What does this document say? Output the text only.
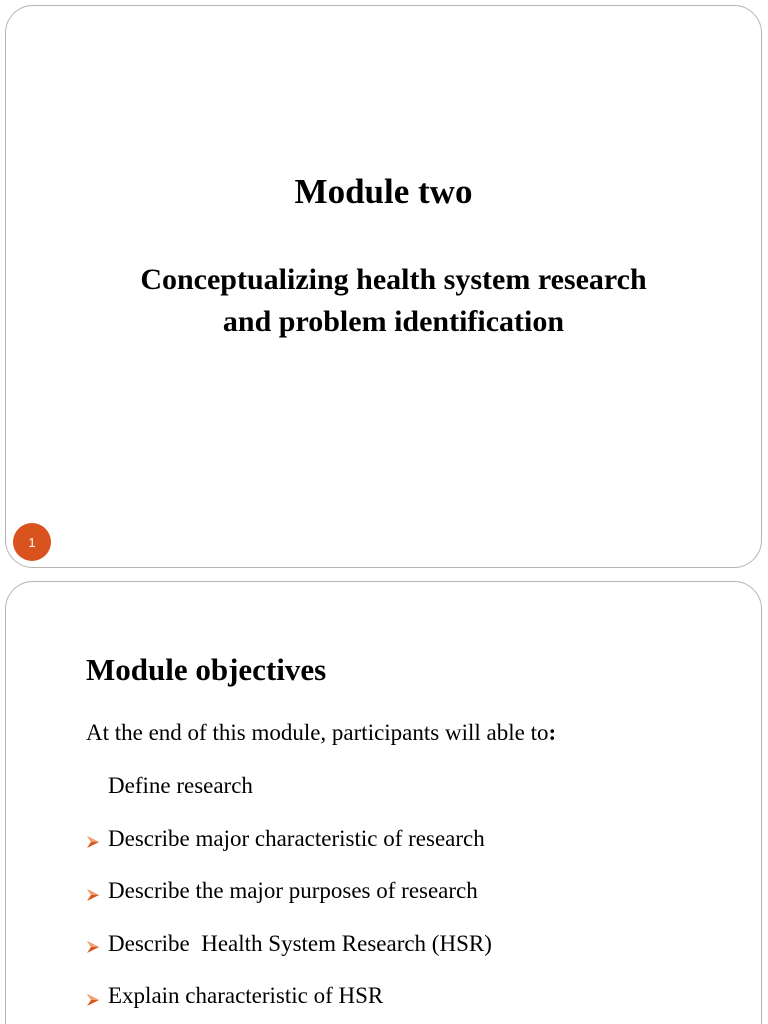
Module two
Conceptualizing health system research
and problem identification
1
Module objectives
At the end of this module, participants will able to:

Define research

Describe major characteristic of research

Describe the major purposes of research

Describe  Health System Research (HSR)

Explain characteristic of HSR
